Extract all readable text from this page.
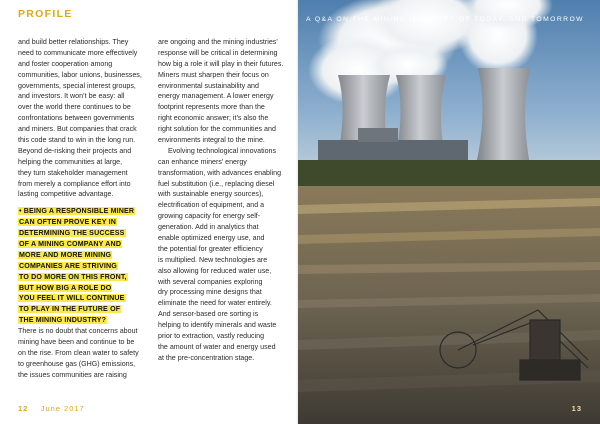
PROFILE
and build better relationships. They
need to communicate more effectively
and foster cooperation among
communities, labor unions, businesses,
governments, special interest groups,
and investors. It won’t be easy: all
over the world there continues to be
confrontations between governments
and miners. But companies that crack
this code stand to win in the long run.
Beyond de-risking their projects and
helping the communities at large,
they turn stakeholder management
from merely a compliance effort into
lasting competitive advantage.
• BEING A RESPONSIBLE MINER
CAN OFTEN PROVE KEY IN
DETERMINING THE SUCCESS
OF A MINING COMPANY AND
MORE AND MORE MINING
COMPANIES ARE STRIVING
TO DO MORE ON THIS FRONT,
BUT HOW BIG A ROLE DO
YOU FEEL IT WILL CONTINUE
TO PLAY IN THE FUTURE OF
THE MINING INDUSTRY?
There is no doubt that concerns about
mining have been and continue to be
on the rise. From clean water to safety
to greenhouse gas (GHG) emissions,
the issues communities are raising
are ongoing and the mining industries’
response will be critical in determining
how big a role it will play in their futures.
Miners must sharpen their focus on
environmental sustainability and
energy management. A lower energy
footprint represents more than the
right economic answer; it’s also the
right solution for the communities and
environments integral to the mine.
Evolving technological innovations
can enhance miners’ energy
transformation, with advances enabling
fuel substitution (i.e., replacing diesel
with sustainable energy sources),
electrification of equipment, and a
growing capacity for energy self-
generation. Add in analytics that
enable optimized energy use, and
the potential for greater efficiency
is multiplied. New technologies are
also allowing for reduced water use,
with several companies exploring
dry processing mine designs that
eliminate the need for water entirely.
And sensor-based ore sorting is
helping to identify minerals and waste
prior to extraction, vastly reducing
the amount of water and energy used
at the pre-concentration stage.
12 June 2017
A Q&A ON THE MINING INDUSTRY OF TODAY, AND TOMORROW
13
